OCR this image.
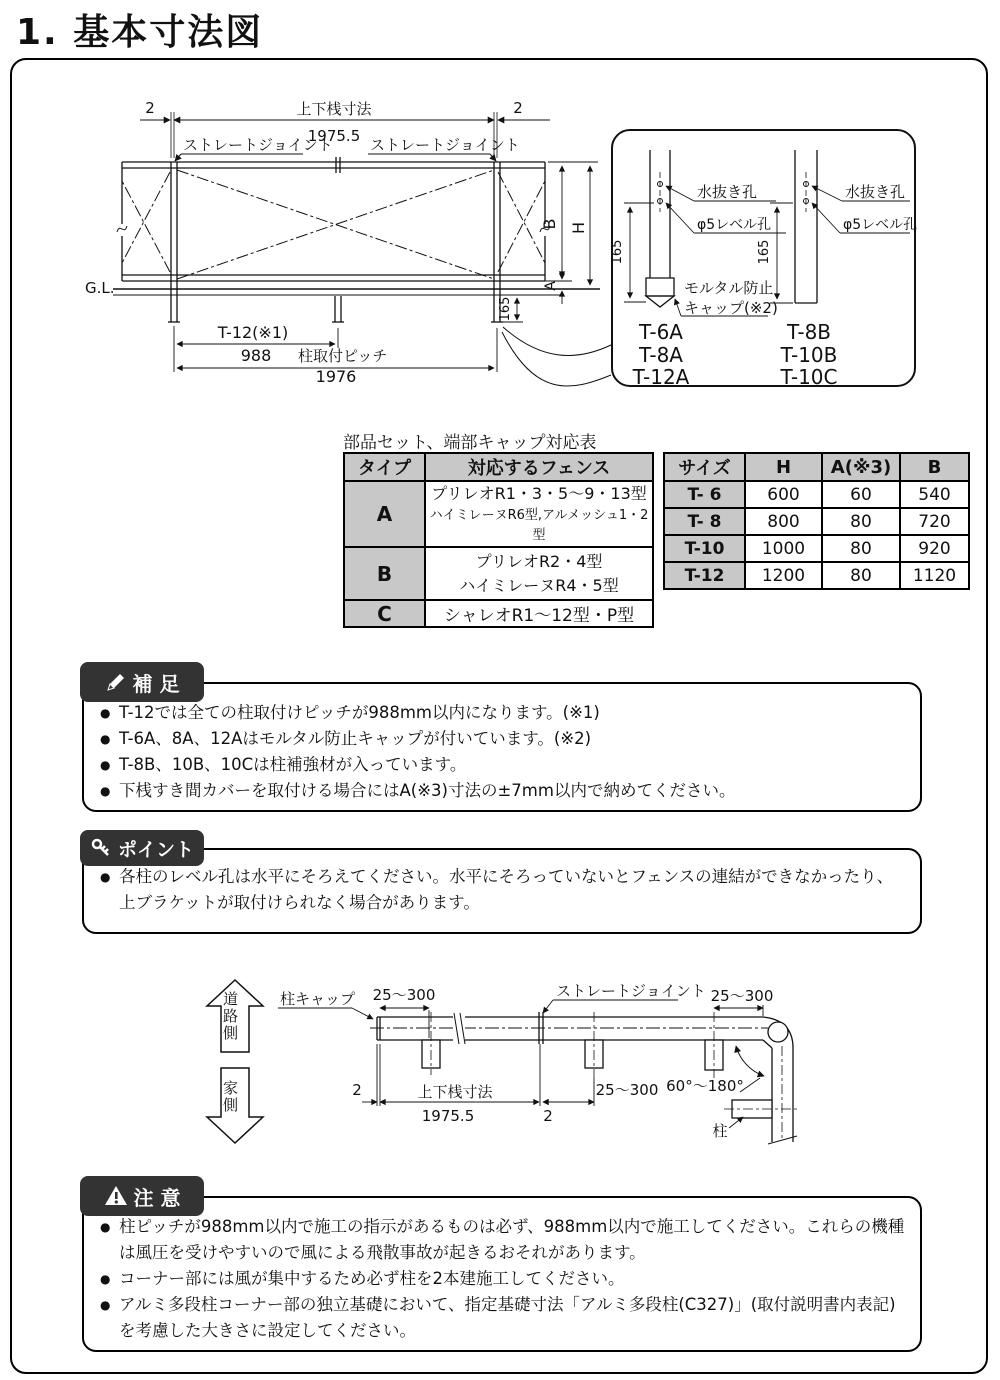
1. 基本寸法図
2	上下桟寸法
1975.5
2
ストレートジョイント ストレートジョイント
G.L.
B H
A
165
T-12(※1)
988 柱取付ピッチ
1976
水抜き孔
φ5レベル孔
165
モルタル防止
キャップ(※2)
T-6A
T-8A
T-12A
水抜き孔
φ5レベル孔
165
T-8B
T-10B
T-10C
部品セット、端部キャップ対応表
タイプ	対応するフェンス
A	プリレオR1・3・5～9・13型
ハイミレーヌR6型,アルメッシュ1・2型

B	プリレオR2・4型
ハイミレーヌR4・5型

C	シャレオR1～12型・P型
サイズ	H	A(※3)	B
T- 6	600	60	540
T- 8	800	80	720
T-10	1000	80	920
T-12	1200	80	1120
● T-12では全ての柱取付けピッチが988mm以内になります。(※1)
● T-6A、8A、12Aはモルタル防止キャップが付いています。(※2)
● T-8B、10B、10Cは柱補強材が入っています。
● 下桟すき間カバーを取付ける場合にはA(※3)寸法の±7mm以内で納めてください。
補 足
● 各柱のレベル孔は水平にそろえてください。水平にそろっていないとフェンスの連結ができなかったり、上ブラケットが取付けられなく場合があります。
ポイント
柱キャップ 25～300	25～300
ストレートジョイント
60°～180°
柱
2	上下桟寸法
1975.5	2
25～300
道路側
家側
● 柱ピッチが988mm以内で施工の指示があるものは必ず、988mm以内で施工してください。これらの機種は風圧を受けやすいので風による飛散事故が起きるおそれがあります。
● コーナー部には風が集中するため必ず柱を2本建施工してください。
● アルミ多段柱コーナー部の独立基礎において、指定基礎寸法「アルミ多段柱(C327)」(取付説明書内表記)を考慮した大きさに設定してください。
注 意
